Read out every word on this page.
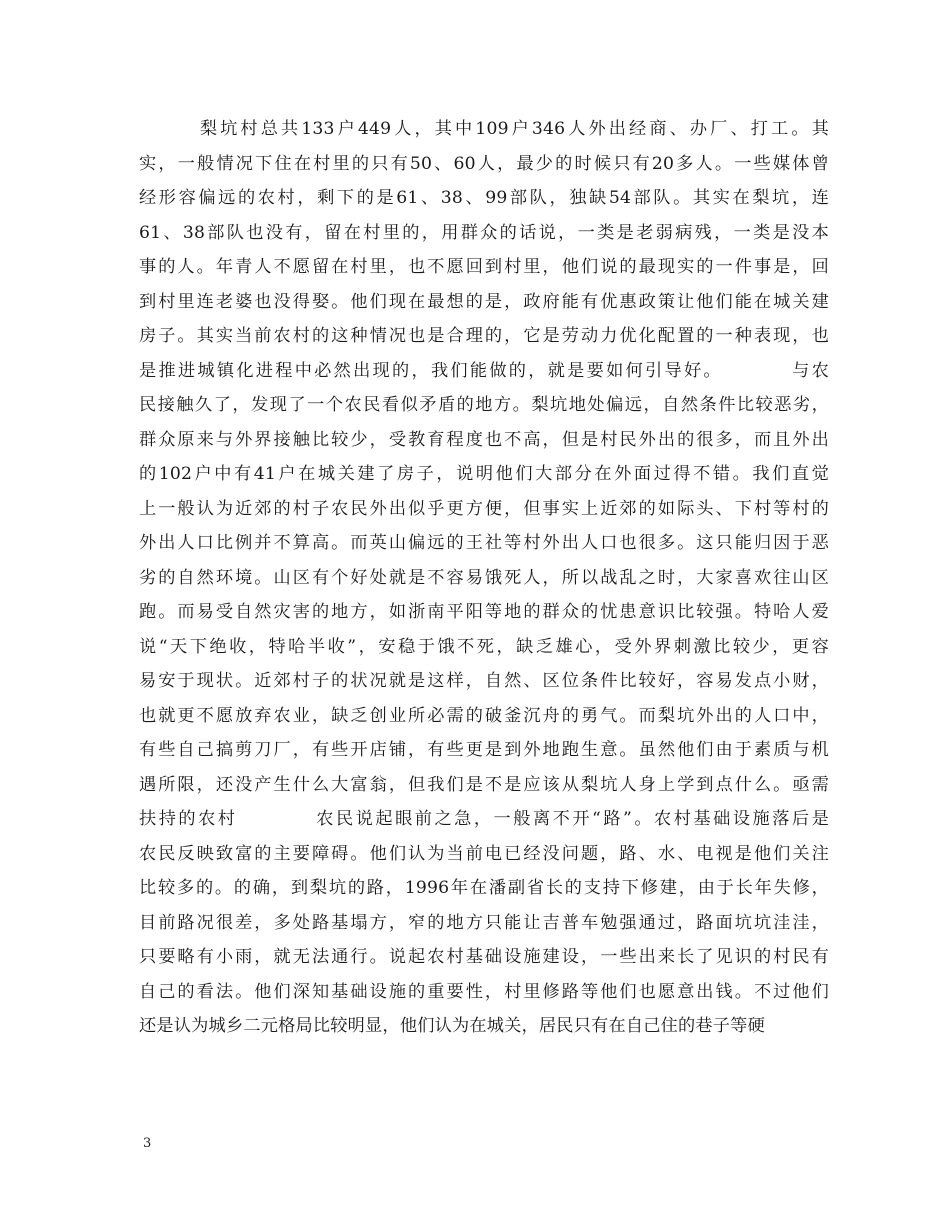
　　　梨坑村总共133户449人，其中109户346人外出经商、办厂、打工。其
实，一般情况下住在村里的只有50、60人，最少的时候只有20多人。一些媒体曾
经形容偏远的农村，剩下的是61、38、99部队，独缺54部队。其实在梨坑，连
61、38部队也没有，留在村里的，用群众的话说，一类是老弱病残，一类是没本
事的人。年青人不愿留在村里，也不愿回到村里，他们说的最现实的一件事是，回
到村里连老婆也没得娶。他们现在最想的是，政府能有优惠政策让他们能在城关建
房子。其实当前农村的这种情况也是合理的，它是劳动力优化配置的一种表现，也
是推进城镇化进程中必然出现的，我们能做的，就是要如何引导好。　　　　与农
民接触久了，发现了一个农民看似矛盾的地方。梨坑地处偏远，自然条件比较恶劣，
群众原来与外界接触比较少，受教育程度也不高，但是村民外出的很多，而且外出
的102户中有41户在城关建了房子，说明他们大部分在外面过得不错。我们直觉
上一般认为近郊的村子农民外出似乎更方便，但事实上近郊的如际头、下村等村的
外出人口比例并不算高。而英山偏远的王社等村外出人口也很多。这只能归因于恶
劣的自然环境。山区有个好处就是不容易饿死人，所以战乱之时，大家喜欢往山区
跑。而易受自然灾害的地方，如浙南平阳等地的群众的忧患意识比较强。特哈人爱
说“天下绝收，特哈半收”，安稳于饿不死，缺乏雄心，受外界刺激比较少，更容
易安于现状。近郊村子的状况就是这样，自然、区位条件比较好，容易发点小财，
也就更不愿放弃农业，缺乏创业所必需的破釜沉舟的勇气。而梨坑外出的人口中，
有些自己搞剪刀厂，有些开店铺，有些更是到外地跑生意。虽然他们由于素质与机
遇所限，还没产生什么大富翁，但我们是不是应该从梨坑人身上学到点什么。亟需
扶持的农村　　　　农民说起眼前之急，一般离不开“路”。农村基础设施落后是
农民反映致富的主要障碍。他们认为当前电已经没问题，路、水、电视是他们关注
比较多的。的确，到梨坑的路，1996年在潘副省长的支持下修建，由于长年失修，
目前路况很差，多处路基塌方，窄的地方只能让吉普车勉强通过，路面坑坑洼洼，
只要略有小雨，就无法通行。说起农村基础设施建设，一些出来长了见识的村民有
自己的看法。他们深知基础设施的重要性，村里修路等他们也愿意出钱。不过他们
还是认为城乡二元格局比较明显，他们认为在城关，居民只有在自己住的巷子等硬
3
